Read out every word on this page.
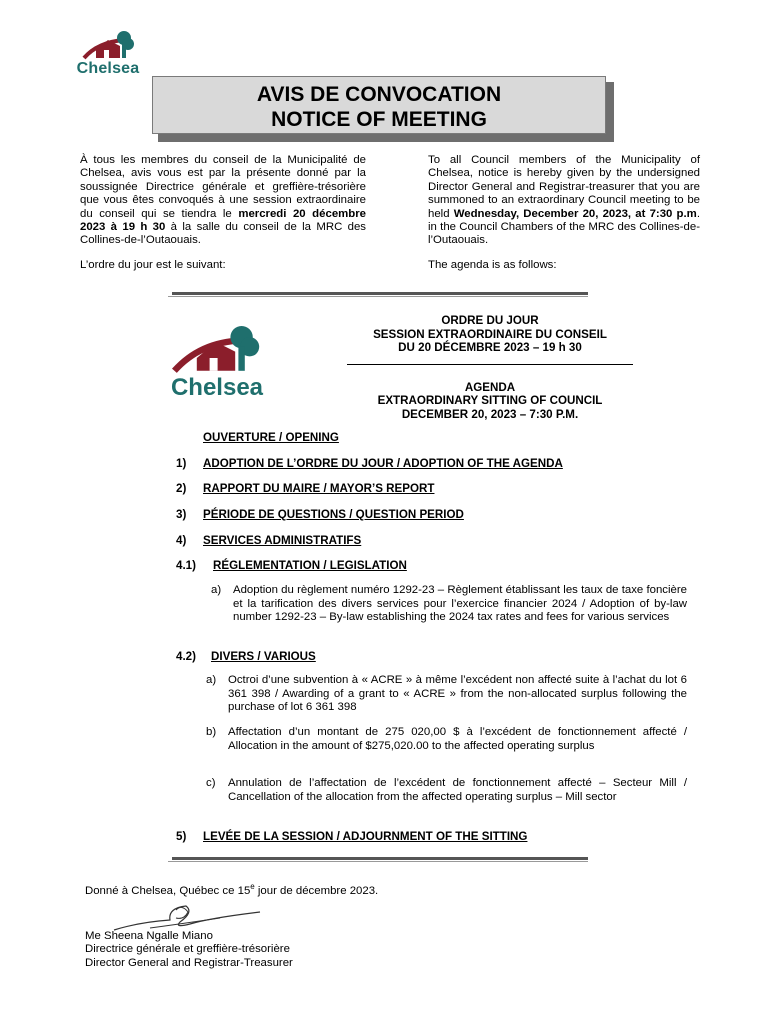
Chelsea
AVIS DE CONVOCATION
NOTICE OF MEETING

À tous les membres du conseil de la Municipalité de Chelsea, avis vous est par la présente donné par la soussignée Directrice générale et greffière-trésorière que vous êtes convoqués à une session extraordinaire du conseil qui se tiendra le mercredi 20 décembre 2023 à 19 h 30 à la salle du conseil de la MRC des Collines-de-l’Outaouais.

L’ordre du jour est le suivant:

To all Council members of the Municipality of Chelsea, notice is hereby given by the undersigned Director General and Registrar-treasurer that you are summoned to an extraordinary Council meeting to be held Wednesday, December 20, 2023, at 7:30 p.m. in the Council Chambers of the MRC des Collines-de-l’Outaouais.

The agenda is as follows:

Chelsea
ORDRE DU JOUR
SESSION EXTRAORDINAIRE DU CONSEIL
DU 20 DÉCEMBRE 2023 – 19 h 30
AGENDA
EXTRAORDINARY SITTING OF COUNCIL
DECEMBER 20, 2023 – 7:30 P.M.
OUVERTURE / OPENING
1) ADOPTION DE L’ORDRE DU JOUR / ADOPTION OF THE AGENDA
2) RAPPORT DU MAIRE / MAYOR’S REPORT
3) PÉRIODE DE QUESTIONS / QUESTION PERIOD
4) SERVICES ADMINISTRATIFS
4.1) RÉGLEMENTATION / LEGISLATION
a) Adoption du règlement numéro 1292-23 – Règlement établissant les taux de taxe foncière et la tarification des divers services pour l’exercice financier 2024 / Adoption of by-law number 1292-23 – By-law establishing the 2024 tax rates and fees for various services
4.2) DIVERS / VARIOUS
a) Octroi d’une subvention à « ACRE » à même l’excédent non affecté suite à l’achat du lot 6 361 398 / Awarding of a grant to « ACRE » from the non-allocated surplus following the purchase of lot 6 361 398
b) Affectation d’un montant de 275 020,00 $ à l’excédent de fonctionnement affecté / Allocation in the amount of $275,020.00 to the affected operating surplus
c) Annulation de l’affectation de l’excédent de fonctionnement affecté – Secteur Mill / Cancellation of the allocation from the affected operating surplus – Mill sector
5) LEVÉE DE LA SESSION / ADJOURNMENT OF THE SITTING
Donné à Chelsea, Québec ce 15e jour de décembre 2023.
Me Sheena Ngalle Miano
Directrice générale et greffière-trésorière
Director General and Registrar-Treasurer
